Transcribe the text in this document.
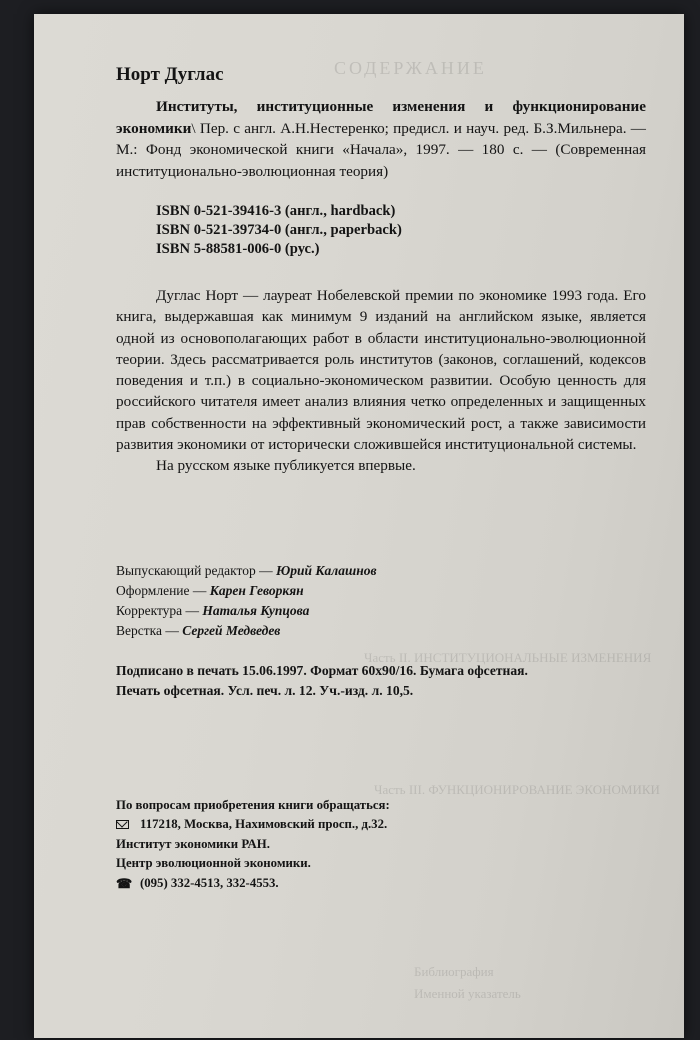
СОДЕРЖАНИЕ
Часть II. ИНСТИТУЦИОНАЛЬНЫЕ ИЗМЕНЕНИЯ
Часть III. ФУНКЦИОНИРОВАНИЕ ЭКОНОМИКИ
Библиография
Именной указатель
Норт Дуглас

Институты, институционные изменения и функционирование экономики\ Пер. с англ. А.Н.Нестеренко; предисл. и науч. ред. Б.З.Мильнера. — М.: Фонд экономической книги «Начала», 1997. — 180 с. — (Современная институционально-эволюционная теория)

ISBN 0-521-39416-3 (англ., hardback)
ISBN 0-521-39734-0 (англ., paperback)
ISBN 5-88581-006-0 (рус.)

Дуглас Норт — лауреат Нобелевской премии по экономике 1993 года. Его книга, выдержавшая как минимум 9 изданий на английском языке, является одной из основополагающих работ в области институционально-эволюционной теории. Здесь рассматривается роль институтов (законов, соглашений, кодексов поведения и т.п.) в социально-экономическом развитии. Особую ценность для российского читателя имеет анализ влияния четко определенных и защищенных прав собственности на эффективный экономический рост, а также зависимости развития экономики от исторически сложившейся институциональной системы.

На русском языке публикуется впервые.

Выпускающий редактор — Юрий Калашнов
Оформление — Карен Геворкян
Корректура — Наталья Купцова
Верстка — Сергей Медведев
Подписано в печать 15.06.1997. Формат 60x90/16. Бумага офсетная.
Печать офсетная. Усл. печ. л. 12. Уч.-изд. л. 10,5.
По вопросам приобретения книги обращаться:
117218, Москва, Нахимовский просп., д.32.
Институт экономики РАН.
Центр эволюционной экономики.
☎ (095) 332-4513, 332-4553.
